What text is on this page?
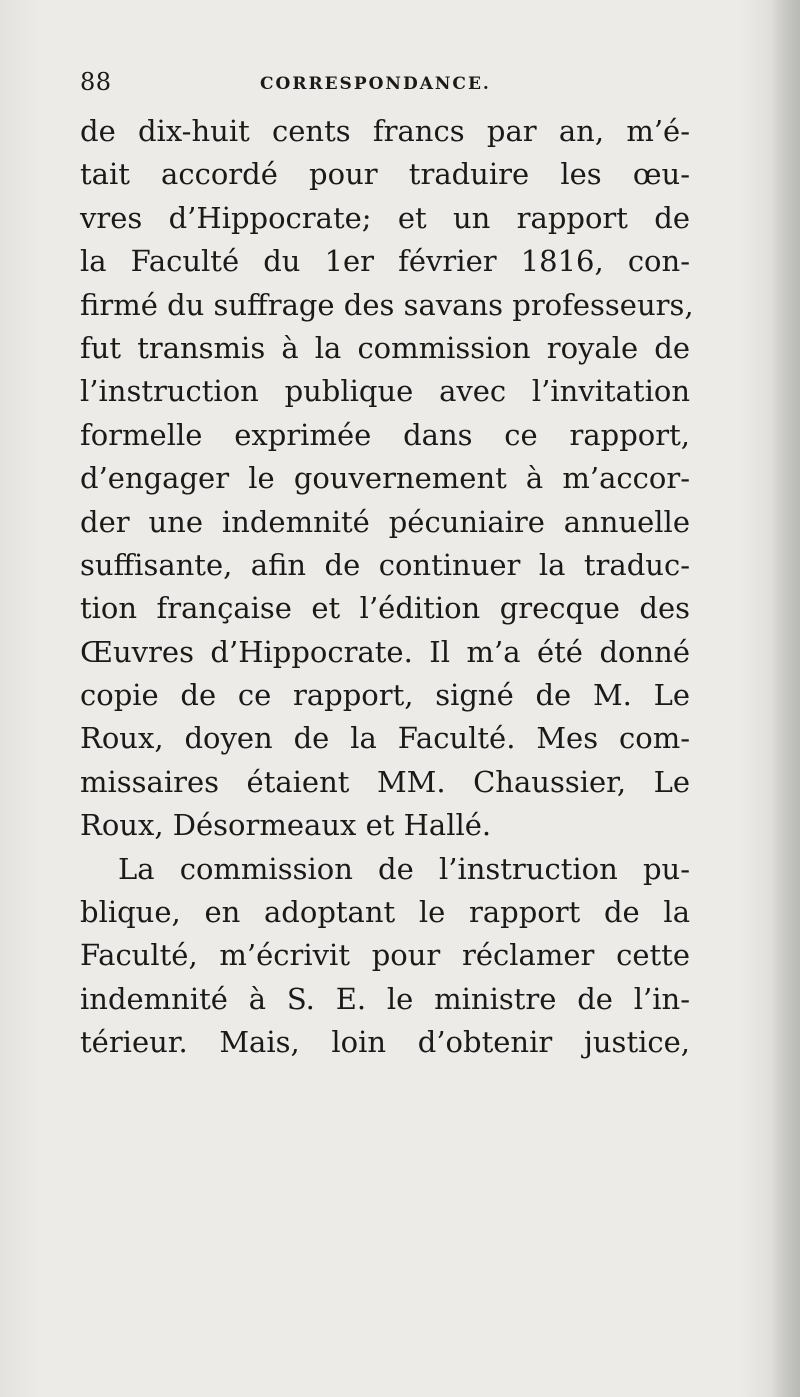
88	CORRESPONDANCE.
de dix-huit cents francs par an, m’é-
tait accordé pour traduire les œu-
vres d’Hippocrate; et un rapport de
la Faculté du 1er février 1816, con-
firmé du suffrage des savans professeurs,
fut transmis à la commission royale de
l’instruction publique avec l’invitation
formelle exprimée dans ce rapport,
d’engager le gouvernement à m’accor-
der une indemnité pécuniaire annuelle
suffisante, afin de continuer la traduc-
tion française et l’édition grecque des
Œuvres d’Hippocrate. Il m’a été donné
copie de ce rapport, signé de M. Le
Roux, doyen de la Faculté. Mes com-
missaires étaient MM. Chaussier, Le
Roux, Désormeaux et Hallé.
La commission de l’instruction pu-
blique, en adoptant le rapport de la
Faculté, m’écrivit pour réclamer cette
indemnité à S. E. le ministre de l’in-
térieur. Mais, loin d’obtenir justice,
